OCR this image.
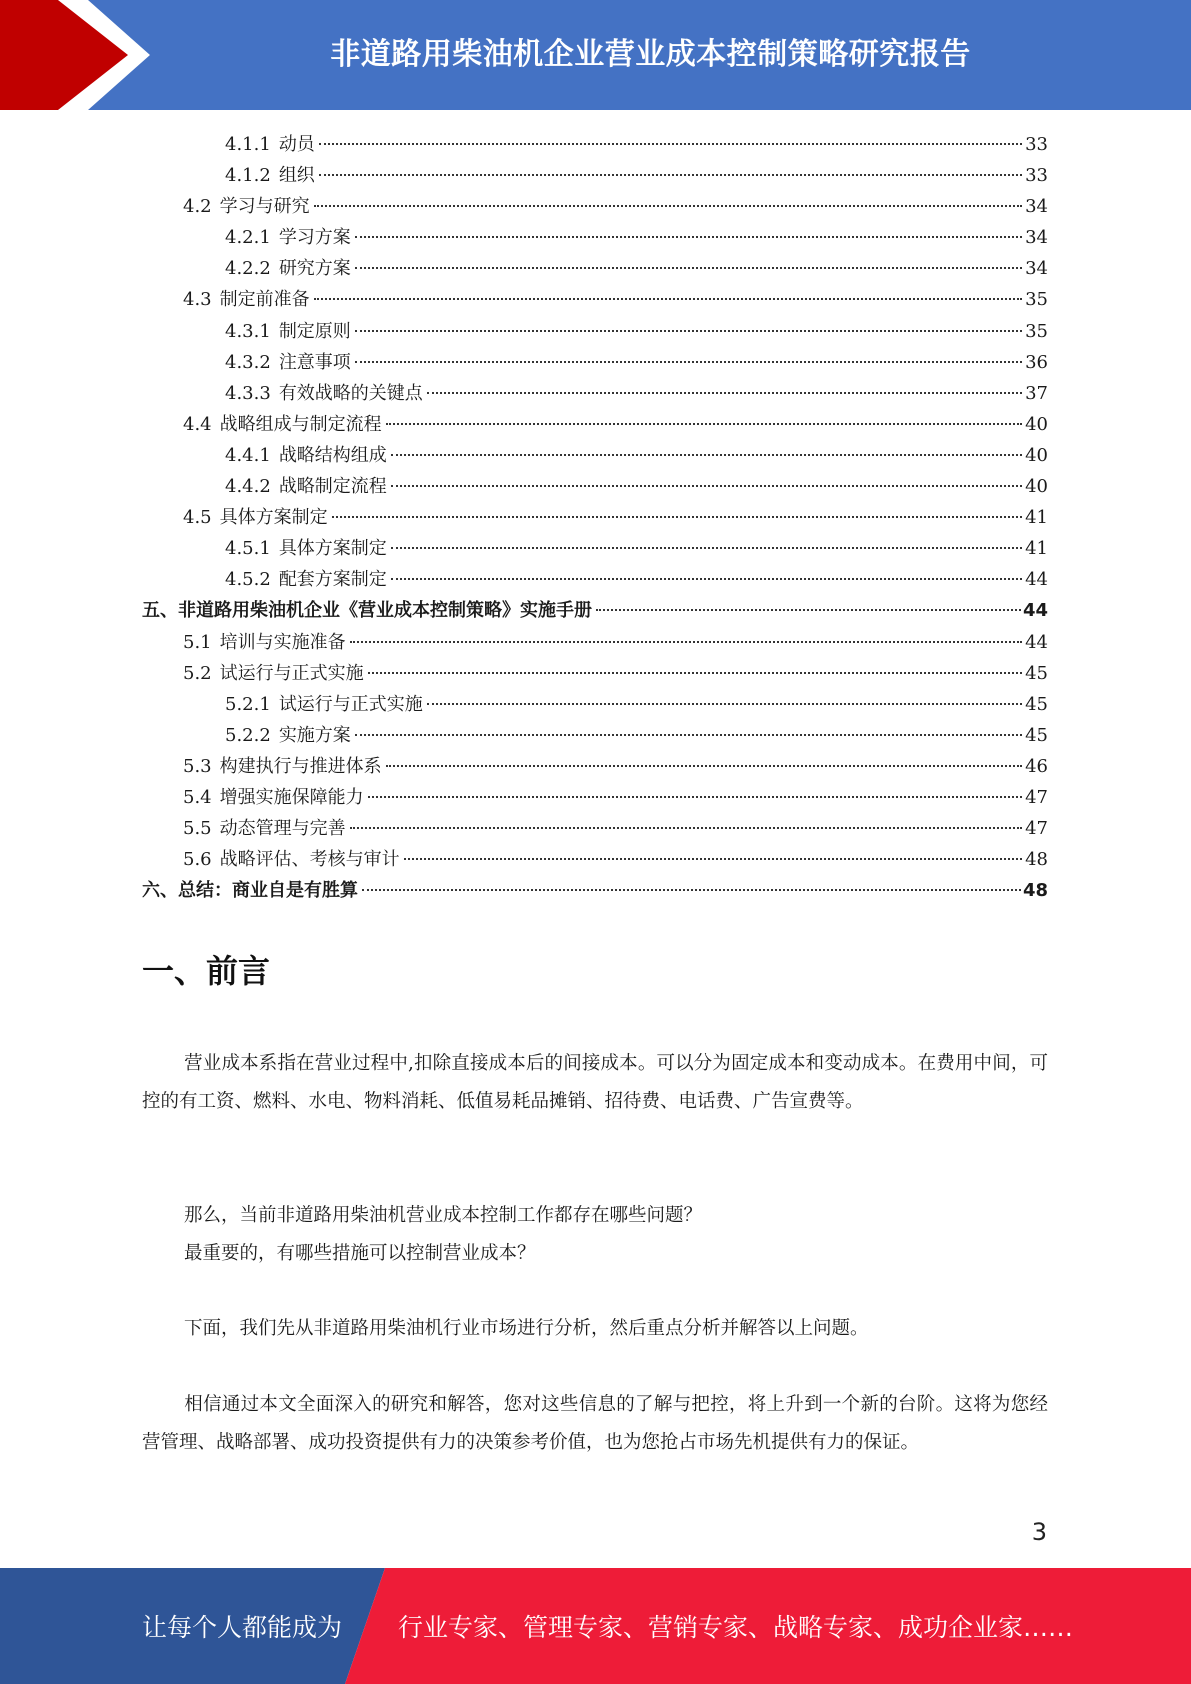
非道路用柴油机企业营业成本控制策略研究报告
4.1.1 动员	33
4.1.2 组织	33
4.2 学习与研究	34
4.2.1 学习方案	34
4.2.2 研究方案	34
4.3 制定前准备	35
4.3.1 制定原则	35
4.3.2 注意事项	36
4.3.3 有效战略的关键点	37
4.4 战略组成与制定流程	40
4.4.1 战略结构组成	40
4.4.2 战略制定流程	40
4.5 具体方案制定	41
4.5.1 具体方案制定	41
4.5.2 配套方案制定	44
五、 非道路用柴油机企业《营业成本控制策略》实施手册	44
5.1 培训与实施准备	44
5.2 试运行与正式实施	45
5.2.1 试运行与正式实施	45
5.2.2 实施方案	45
5.3 构建执行与推进体系	46
5.4 增强实施保障能力	47
5.5 动态管理与完善	47
5.6 战略评估、考核与审计	48
六、 总结：商业自是有胜算	48
一、前言
营业成本系指在营业过程中,扣除直接成本后的间接成本。可以分为固定成本和变动成本。在费用中间，可控的有工资、燃料、水电、物料消耗、低值易耗品摊销、招待费、电话费、广告宣费等。
那么，当前非道路用柴油机营业成本控制工作都存在哪些问题？
最重要的，有哪些措施可以控制营业成本？
下面，我们先从非道路用柴油机行业市场进行分析，然后重点分析并解答以上问题。
相信通过本文全面深入的研究和解答，您对这些信息的了解与把控，将上升到一个新的台阶。这将为您经营管理、战略部署、成功投资提供有力的决策参考价值，也为您抢占市场先机提供有力的保证。
3
让每个人都能成为 行业专家、管理专家、营销专家、战略专家、成功企业家……
